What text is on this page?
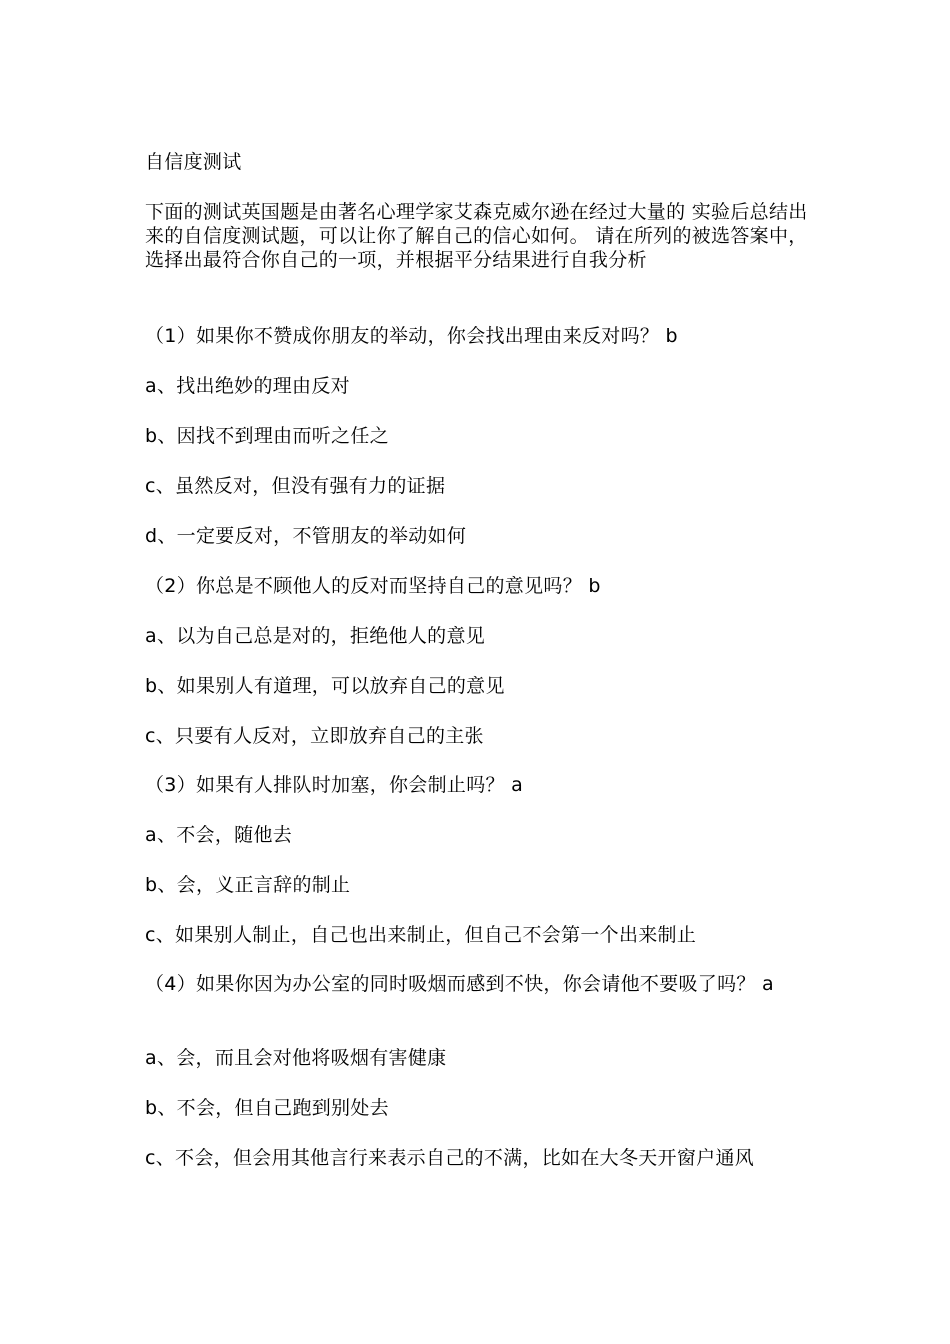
自信度测试
下面的测试英国题是由著名心理学家艾森克威尔逊在经过大量的 实验后总结出来的自信度测试题，可以让你了解自己的信心如何。 请在所列的被选答案中，选择出最符合你自己的一项，并根据平分结果进行自我分析
（1）如果你不赞成你朋友的举动，你会找出理由来反对吗？ b
a、找出绝妙的理由反对
b、因找不到理由而听之任之
c、虽然反对，但没有强有力的证据
d、一定要反对，不管朋友的举动如何
（2）你总是不顾他人的反对而坚持自己的意见吗？ b
a、以为自己总是对的，拒绝他人的意见
b、如果别人有道理，可以放弃自己的意见
c、只要有人反对，立即放弃自己的主张
（3）如果有人排队时加塞，你会制止吗？ a
a、不会，随他去
b、会，义正言辞的制止
c、如果别人制止，自己也出来制止，但自己不会第一个出来制止
（4）如果你因为办公室的同时吸烟而感到不快，你会请他不要吸了吗？ a
a、会，而且会对他将吸烟有害健康
b、不会，但自己跑到别处去
c、不会，但会用其他言行来表示自己的不满，比如在大冬天开窗户通风
